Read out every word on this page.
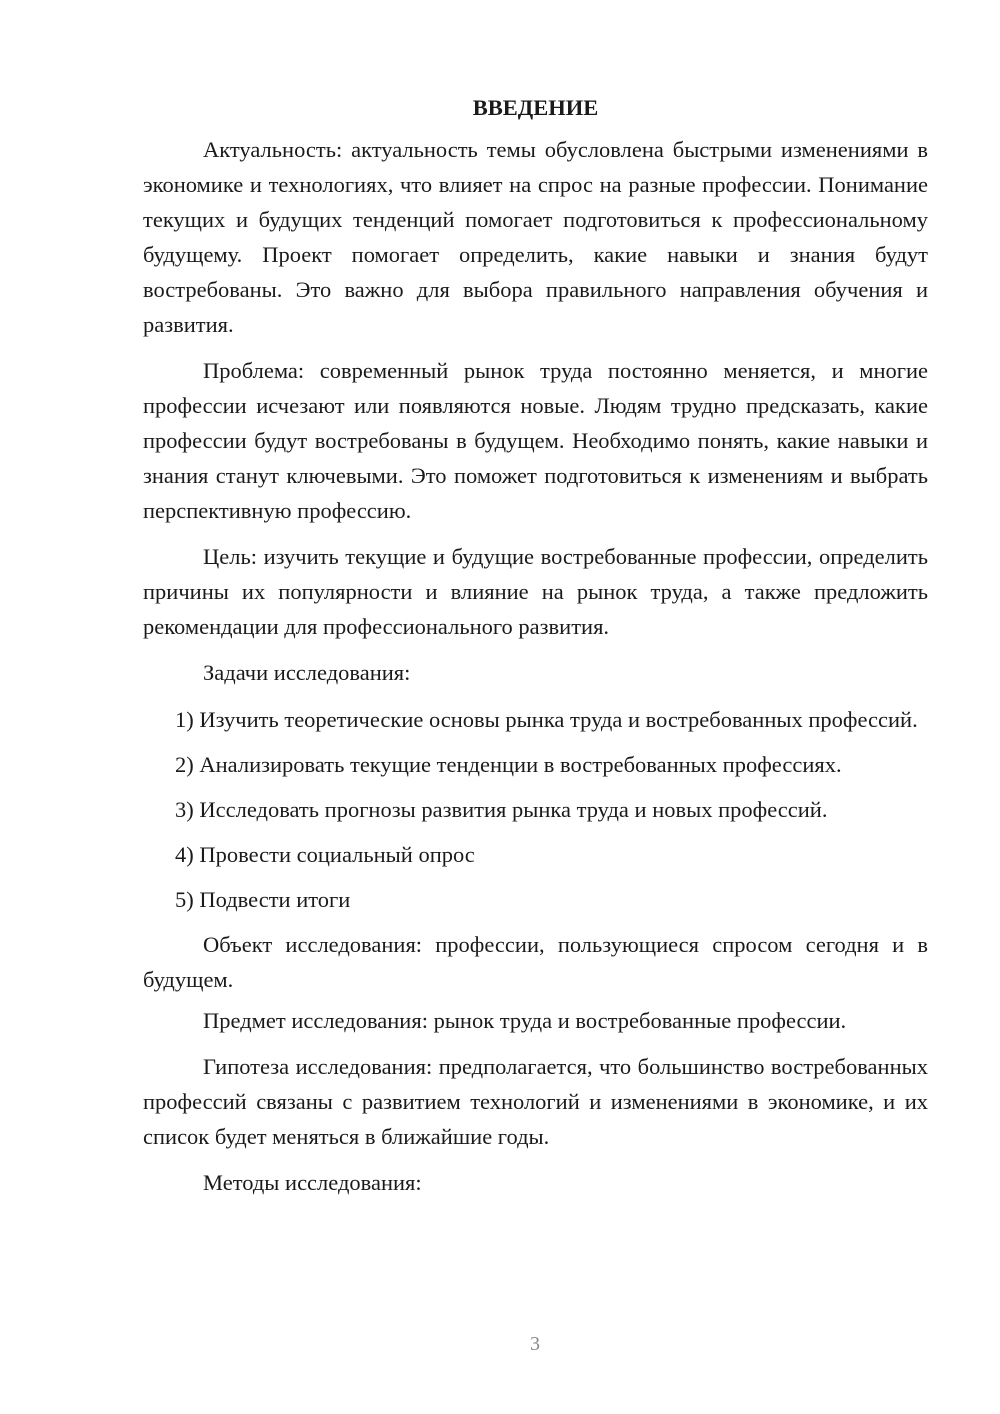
ВВЕДЕНИЕ

Актуальность: актуальность темы обусловлена быстрыми изменениями в экономике и технологиях, что влияет на спрос на разные профессии. Понимание текущих и будущих тенденций помогает подготовиться к профессиональному будущему. Проект помогает определить, какие навыки и знания будут востребованы. Это важно для выбора правильного направления обучения и развития.

Проблема: современный рынок труда постоянно меняется, и многие профессии исчезают или появляются новые. Людям трудно предсказать, какие профессии будут востребованы в будущем. Необходимо понять, какие навыки и знания станут ключевыми. Это поможет подготовиться к изменениям и выбрать перспективную профессию.

Цель: изучить текущие и будущие востребованные профессии, определить причины их популярности и влияние на рынок труда, а также предложить рекомендации для профессионального развития.

Задачи исследования:

1) Изучить теоретические основы рынка труда и востребованных профессий.
2) Анализировать текущие тенденции в востребованных профессиях.
3) Исследовать прогнозы развития рынка труда и новых профессий.
4) Провести социальный опрос
5) Подвести итоги

Объект исследования: профессии, пользующиеся спросом сегодня и в будущем.

Предмет исследования: рынок труда и востребованные профессии.

Гипотеза исследования: предполагается, что большинство востребованных профессий связаны с развитием технологий и изменениями в экономике, и их список будет меняться в ближайшие годы.

Методы исследования:

3
